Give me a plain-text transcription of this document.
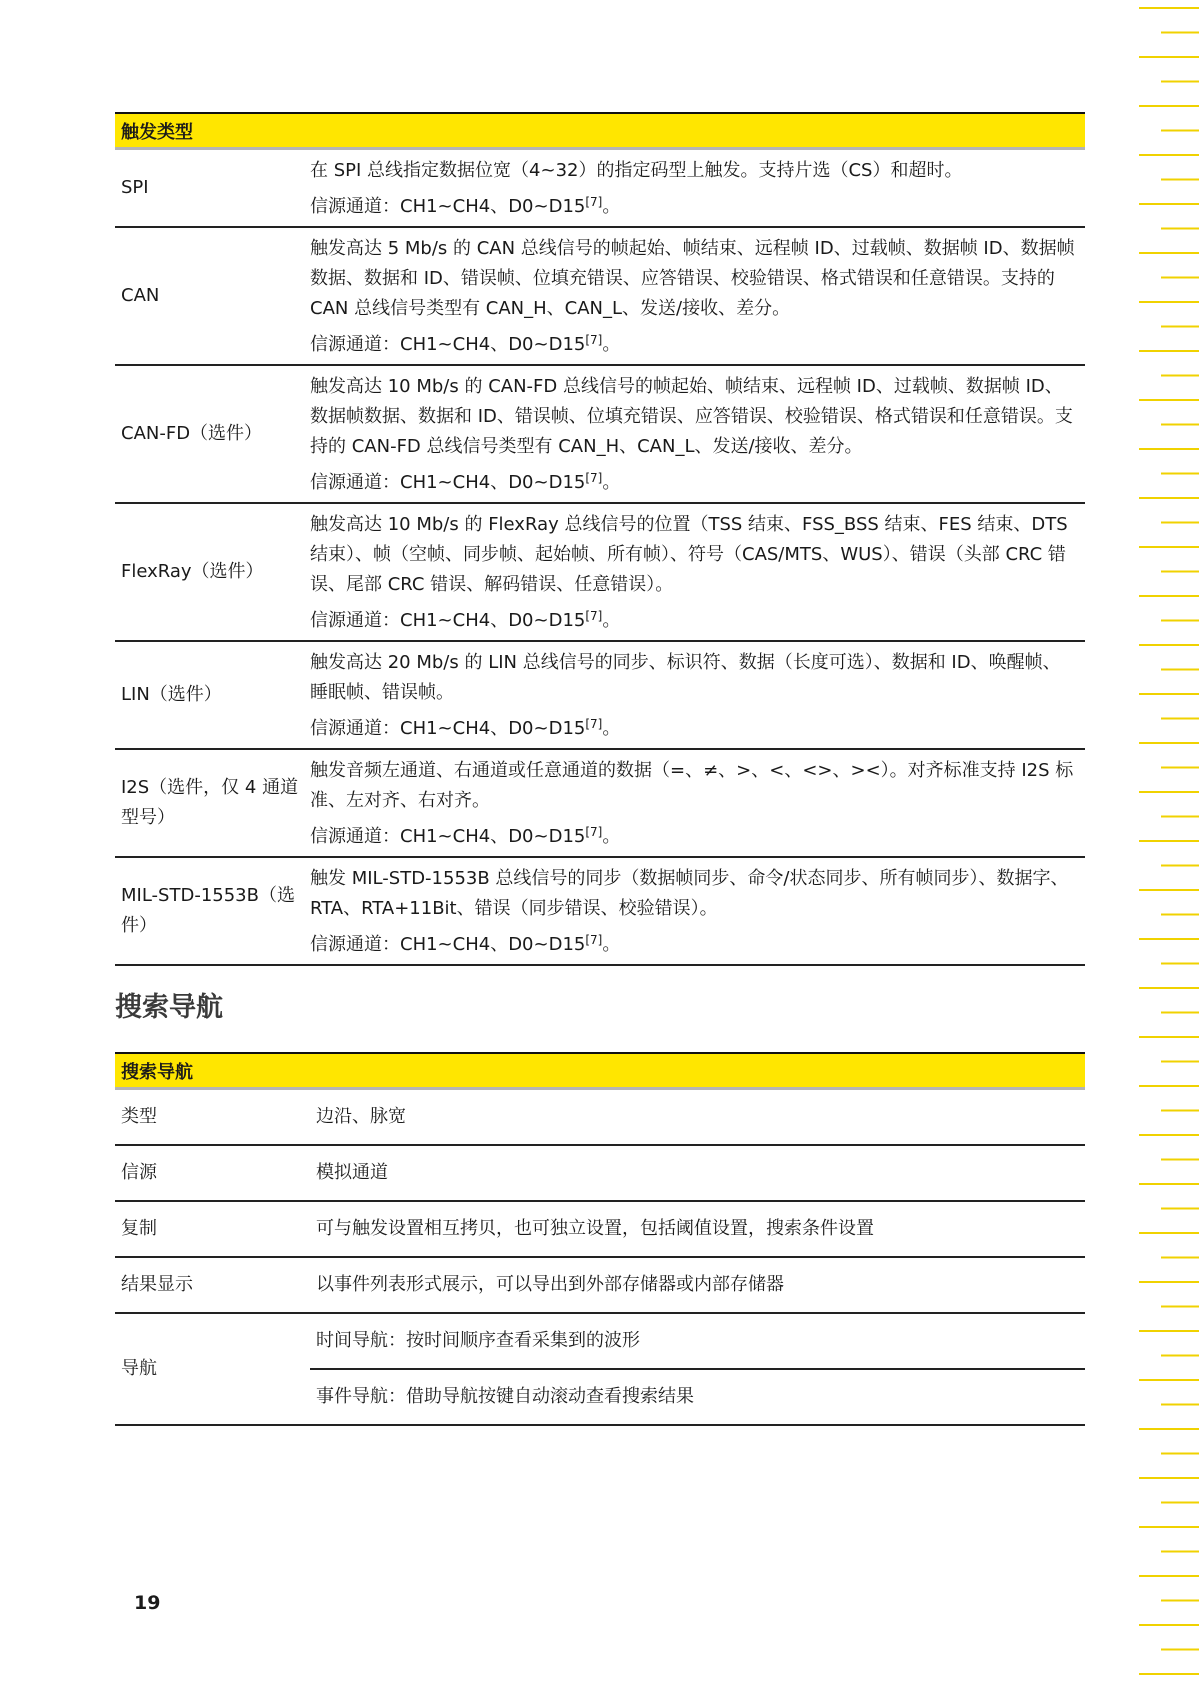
触发类型	
SPI	在 SPI 总线指定数据位宽（4~32）的指定码型上触发。支持片选（CS）和超时。
信源通道：CH1~CH4、D0~D15[7]。

CAN	触发高达 5 Mb/s 的 CAN 总线信号的帧起始、帧结束、远程帧 ID、过载帧、数据帧 ID、数据帧数据、数据和 ID、错误帧、位填充错误、应答错误、校验错误、格式错误和任意错误。支持的 CAN 总线信号类型有 CAN_H、CAN_L、发送/接收、差分。
信源通道：CH1~CH4、D0~D15[7]。

CAN-FD（选件）	触发高达 10 Mb/s 的 CAN-FD 总线信号的帧起始、帧结束、远程帧 ID、过载帧、数据帧 ID、数据帧数据、数据和 ID、错误帧、位填充错误、应答错误、校验错误、格式错误和任意错误。支持的 CAN-FD 总线信号类型有 CAN_H、CAN_L、发送/接收、差分。
信源通道：CH1~CH4、D0~D15[7]。

FlexRay（选件）	触发高达 10 Mb/s 的 FlexRay 总线信号的位置（TSS 结束、FSS_BSS 结束、FES 结束、DTS 结束）、帧（空帧、同步帧、起始帧、所有帧）、符号（CAS/MTS、WUS）、错误（头部 CRC 错误、尾部 CRC 错误、解码错误、任意错误）。
信源通道：CH1~CH4、D0~D15[7]。

LIN（选件）	触发高达 20 Mb/s 的 LIN 总线信号的同步、标识符、数据（长度可选）、数据和 ID、唤醒帧、睡眠帧、错误帧。
信源通道：CH1~CH4、D0~D15[7]。

I2S（选件，仅 4 通道型号）	触发音频左通道、右通道或任意通道的数据（=、≠、>、<、<>、><）。对齐标准支持 I2S 标准、左对齐、右对齐。
信源通道：CH1~CH4、D0~D15[7]。

MIL-STD-1553B（选件）	触发 MIL-STD-1553B 总线信号的同步（数据帧同步、命令/状态同步、所有帧同步）、数据字、RTA、RTA+11Bit、错误（同步错误、校验错误）。
信源通道：CH1~CH4、D0~D15[7]。
搜索导航
搜索导航	
类型	边沿、脉宽
信源	模拟通道
复制	可与触发设置相互拷贝，也可独立设置，包括阈值设置，搜索条件设置
结果显示	以事件列表形式展示，可以导出到外部存储器或内部存储器
导航	时间导航：按时间顺序查看采集到的波形
	事件导航：借助导航按键自动滚动查看搜索结果
19
